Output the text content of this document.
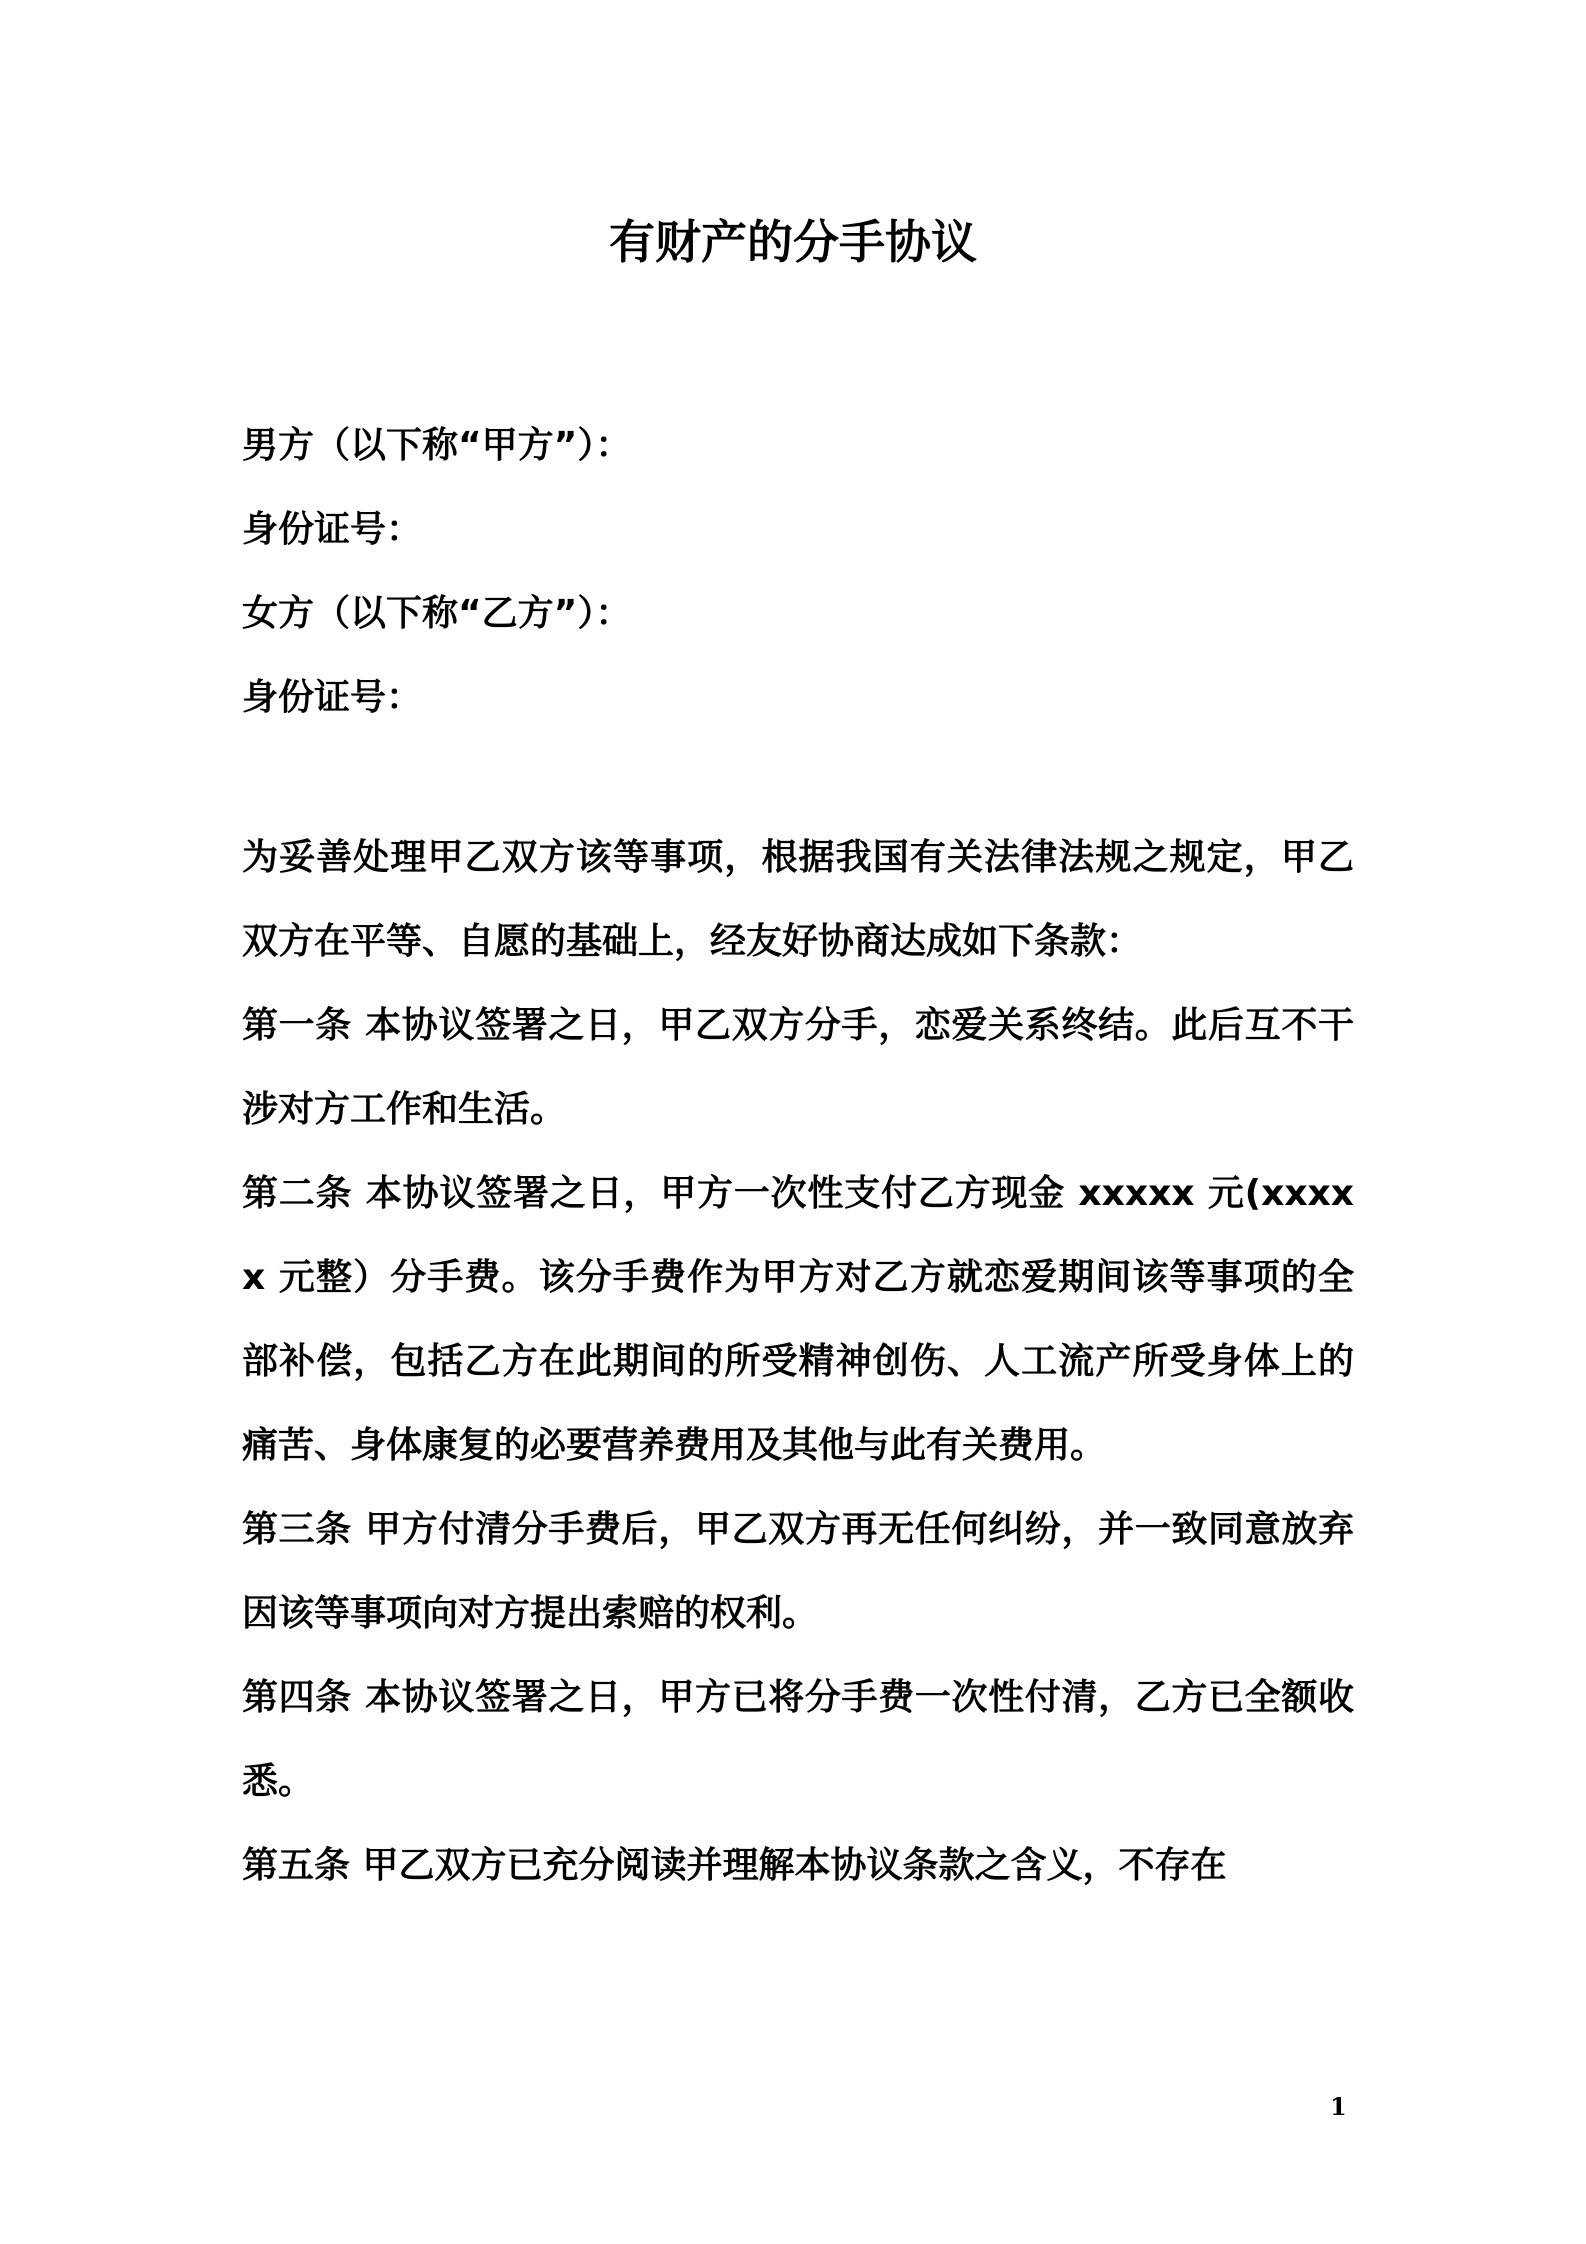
有财产的分手协议
男方（以下称“甲方”）：
身份证号：
女方（以下称“乙方”）：
身份证号：

为妥善处理甲乙双方该等事项，根据我国有关法律法规之规定，甲乙双方在平等、自愿的基础上，经友好协商达成如下条款：

第一条 本协议签署之日，甲乙双方分手，恋爱关系终结。此后互不干涉对方工作和生活。

第二条 本协议签署之日，甲方一次性支付乙方现金 xxxxx 元(xxxxx 元整）分手费。该分手费作为甲方对乙方就恋爱期间该等事项的全部补偿，包括乙方在此期间的所受精神创伤、人工流产所受身体上的痛苦、身体康复的必要营养费用及其他与此有关费用。

第三条 甲方付清分手费后，甲乙双方再无任何纠纷，并一致同意放弃因该等事项向对方提出索赔的权利。

第四条 本协议签署之日，甲方已将分手费一次性付清，乙方已全额收悉。

第五条 甲乙双方已充分阅读并理解本协议条款之含义，不存在

1
